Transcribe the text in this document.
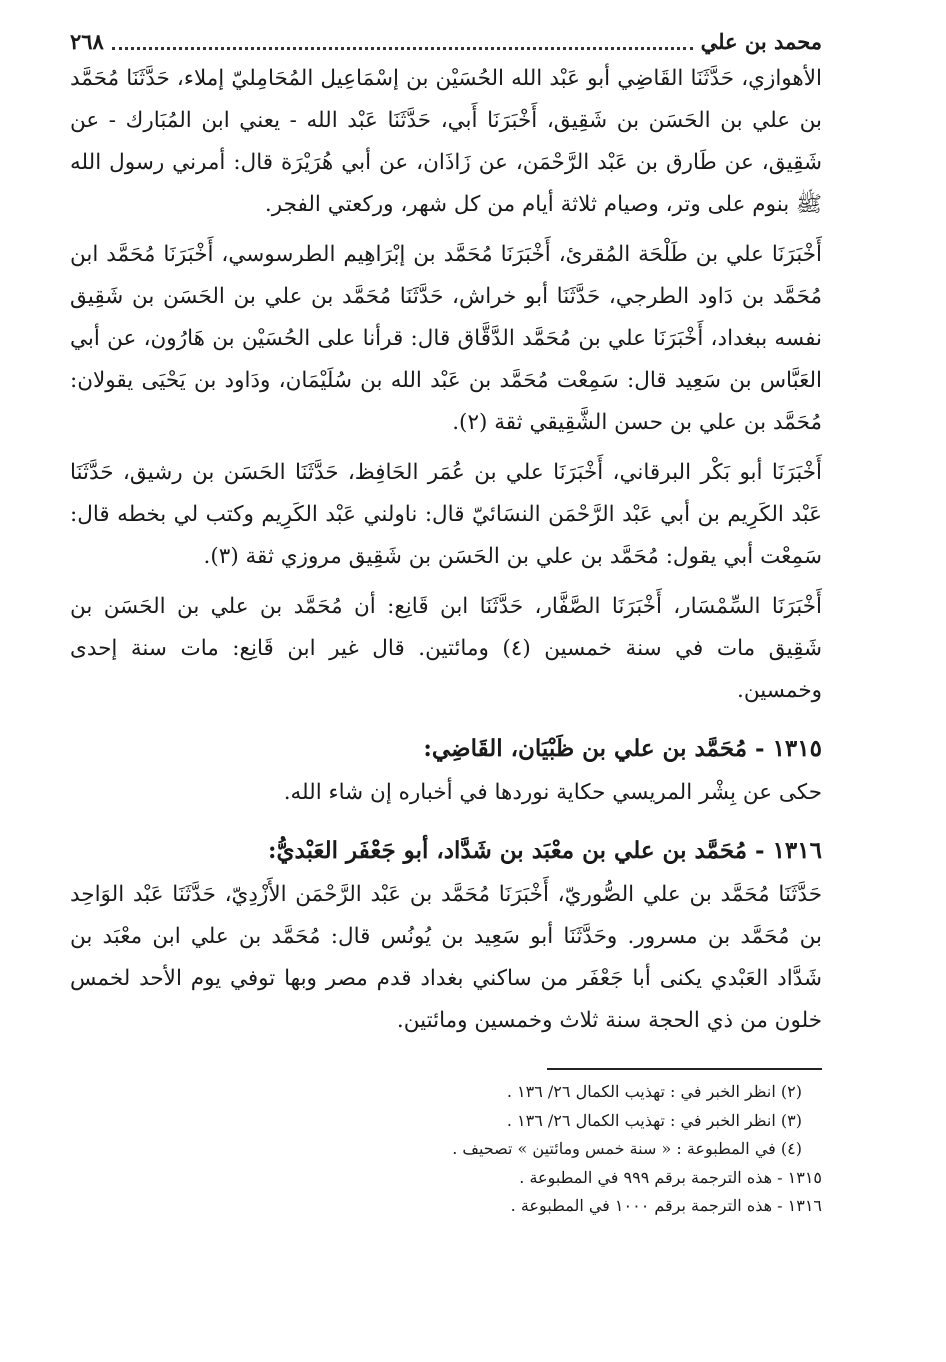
محمد بن علي
٢٦٨

الأهوازي، حَدَّثَنَا القَاضِي أبو عَبْد الله الحُسَيْن بن إسْمَاعِيل المُحَامِليّ إملاء، حَدَّثَنَا مُحَمَّد بن علي بن الحَسَن بن شَقِيق، أَخْبَرَنَا أَبي، حَدَّثَنَا عَبْد الله - يعني ابن المُبَارك - عن شَقِيق، عن طَارق بن عَبْد الرَّحْمَن، عن زَاذَان، عن أبي هُرَيْرَة قال: أمرني رسول الله ﷺ بنوم على وتر، وصيام ثلاثة أيام من كل شهر، وركعتي الفجر.

أَخْبَرَنَا علي بن طَلْحَة المُقرئ، أَخْبَرَنَا مُحَمَّد بن إبْرَاهِيم الطرسوسي، أَخْبَرَنَا مُحَمَّد ابن مُحَمَّد بن دَاود الطرجي، حَدَّثَنَا أبو خراش، حَدَّثَنَا مُحَمَّد بن علي بن الحَسَن بن شَقِيق نفسه ببغداد، أَخْبَرَنَا علي بن مُحَمَّد الدَّقَّاق قال: قرأنا على الحُسَيْن بن هَارُون، عن أبي العَبَّاس بن سَعِيد قال: سَمِعْت مُحَمَّد بن عَبْد الله بن سُلَيْمَان، ودَاود بن يَحْيَى يقولان: مُحَمَّد بن علي بن حسن الشَّقِيقي ثقة (٢).

أَخْبَرَنَا أبو بَكْر البرقاني، أَخْبَرَنَا علي بن عُمَر الحَافِظ، حَدَّثَنَا الحَسَن بن رشيق، حَدَّثَنَا عَبْد الكَرِيم بن أبي عَبْد الرَّحْمَن النسَائيّ قال: ناولني عَبْد الكَرِيم وكتب لي بخطه قال: سَمِعْت أبي يقول: مُحَمَّد بن علي بن الحَسَن بن شَقِيق مروزي ثقة (٣).

أَخْبَرَنَا السِّمْسَار، أَخْبَرَنَا الصَّفَّار، حَدَّثَنَا ابن قَانِع: أن مُحَمَّد بن علي بن الحَسَن بن شَقِيق مات في سنة خمسين (٤) ومائتين. قال غير ابن قَانِع: مات سنة إحدى وخمسين.

١٣١٥ - مُحَمَّد بن علي بن ظَبْيَان، القَاضِي:

حكى عن بِشْر المريسي حكاية نوردها في أخباره إن شاء الله.

١٣١٦ - مُحَمَّد بن علي بن معْبَد بن شَدَّاد، أبو جَعْفَر العَبْديُّ:

حَدَّثَنَا مُحَمَّد بن علي الصُّوريّ، أَخْبَرَنَا مُحَمَّد بن عَبْد الرَّحْمَن الأَزْدِيّ، حَدَّثَنَا عَبْد الوَاحِد بن مُحَمَّد بن مسرور. وحَدَّثَنَا أبو سَعِيد بن يُونُس قال: مُحَمَّد بن علي ابن معْبَد بن شَدَّاد العَبْدي يكنى أبا جَعْفَر من ساكني بغداد قدم مصر وبها توفي يوم الأحد لخمس خلون من ذي الحجة سنة ثلاث وخمسين ومائتين.

(٢) انظر الخبر في : تهذيب الكمال ٢٦/ ١٣٦ .
(٣) انظر الخبر في : تهذيب الكمال ٢٦/ ١٣٦ .
(٤) في المطبوعة : « سنة خمس ومائتين » تصحيف .
١٣١٥ - هذه الترجمة برقم ٩٩٩ في المطبوعة .
١٣١٦ - هذه الترجمة برقم ١٠٠٠ في المطبوعة .
